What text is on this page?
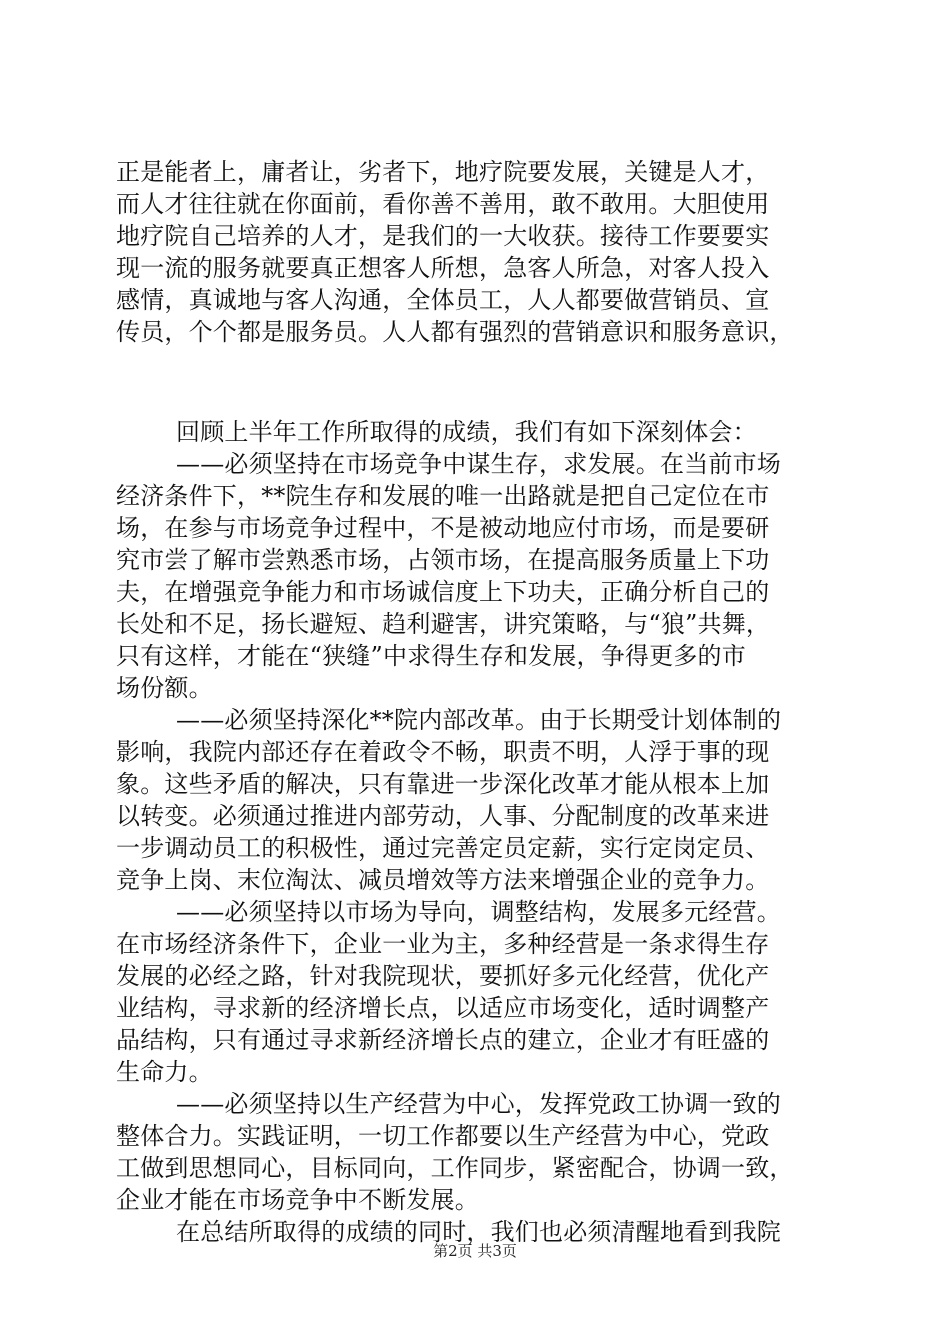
正是能者上，庸者让，劣者下，地疗院要发展，关键是人才，
而人才往往就在你面前，看你善不善用，敢不敢用。大胆使用
地疗院自己培养的人才，是我们的一大收获。接待工作要要实
现一流的服务就要真正想客人所想，急客人所急，对客人投入
感情，真诚地与客人沟通，全体员工，人人都要做营销员、宣
传员，个个都是服务员。人人都有强烈的营销意识和服务意识，
回顾上半年工作所取得的成绩，我们有如下深刻体会：
——必须坚持在市场竞争中谋生存，求发展。在当前市场
经济条件下，**院生存和发展的唯一出路就是把自己定位在市
场，在参与市场竞争过程中，不是被动地应付市场，而是要研
究市尝了解市尝熟悉市场，占领市场，在提高服务质量上下功
夫，在增强竞争能力和市场诚信度上下功夫，正确分析自己的
长处和不足，扬长避短、趋利避害，讲究策略，与“狼”共舞，
只有这样，才能在“狭缝”中求得生存和发展，争得更多的市
场份额。
——必须坚持深化**院内部改革。由于长期受计划体制的
影响，我院内部还存在着政令不畅，职责不明，人浮于事的现
象。这些矛盾的解决，只有靠进一步深化改革才能从根本上加
以转变。必须通过推进内部劳动，人事、分配制度的改革来进
一步调动员工的积极性，通过完善定员定薪，实行定岗定员、
竞争上岗、末位淘汰、减员增效等方法来增强企业的竞争力。
——必须坚持以市场为导向，调整结构，发展多元经营。
在市场经济条件下，企业一业为主，多种经营是一条求得生存
发展的必经之路，针对我院现状，要抓好多元化经营，优化产
业结构，寻求新的经济增长点，以适应市场变化，适时调整产
品结构，只有通过寻求新经济增长点的建立，企业才有旺盛的
生命力。
——必须坚持以生产经营为中心，发挥党政工协调一致的
整体合力。实践证明，一切工作都要以生产经营为中心，党政
工做到思想同心，目标同向，工作同步，紧密配合，协调一致，
企业才能在市场竞争中不断发展。
在总结所取得的成绩的同时，我们也必须清醒地看到我院
第2页 共3页
